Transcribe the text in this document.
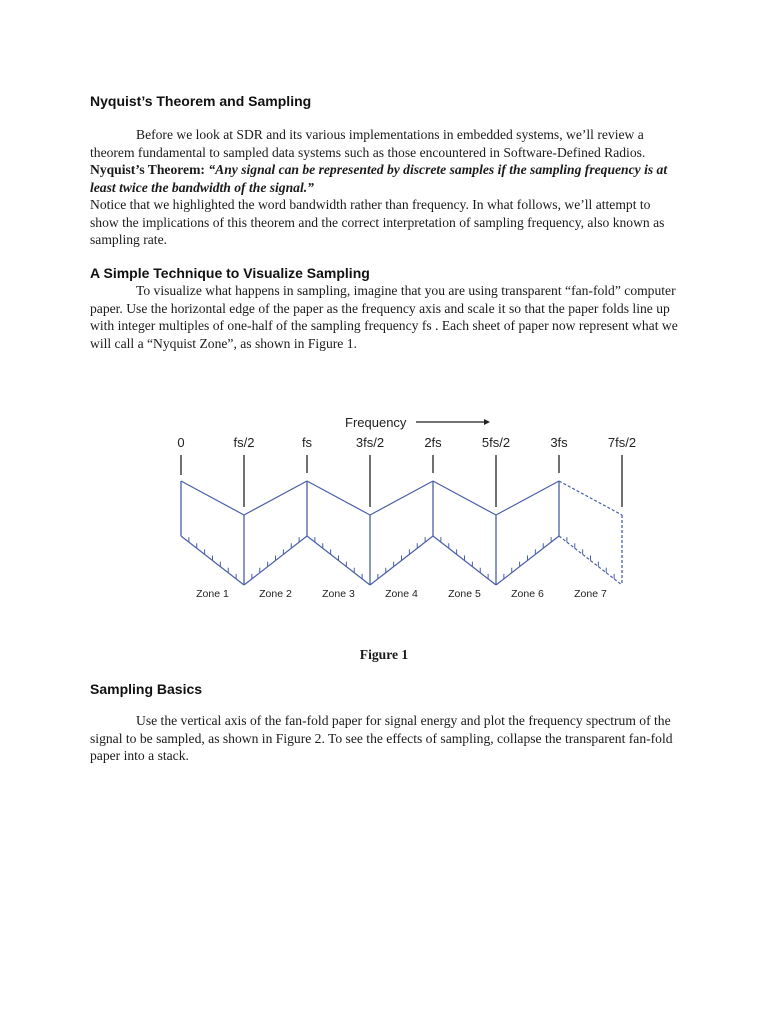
Nyquist’s Theorem and Sampling

Before we look at SDR and its various implementations in embedded systems, we’ll review a theorem fundamental to sampled data systems such as those encountered in Software-Defined Radios.

Nyquist’s Theorem: “Any signal can be represented by discrete samples if the sampling frequency is at least twice the bandwidth of the signal.”

Notice that we highlighted the word bandwidth rather than frequency. In what follows, we’ll attempt to show the implications of this theorem and the correct interpretation of sampling frequency, also known as sampling rate.

A Simple Technique to Visualize Sampling

To visualize what happens in sampling, imagine that you are using transparent “fan-fold” computer paper. Use the horizontal edge of the paper as the frequency axis and scale it so that the paper folds line up with integer multiples of one-half of the sampling frequency fs . Each sheet of paper now represent what we will call a “Nyquist Zone”, as shown in Figure 1.

Frequency
0	fs/2	fs	3fs/2	2fs	5fs/2	3fs	7fs/2
Zone 1	Zone 2	Zone 3	Zone 4	Zone 5	Zone 6	Zone 7
Figure 1
Sampling Basics

Use the vertical axis of the fan-fold paper for signal energy and plot the frequency spectrum of the signal to be sampled, as shown in Figure 2. To see the effects of sampling, collapse the transparent fan-fold paper into a stack.
